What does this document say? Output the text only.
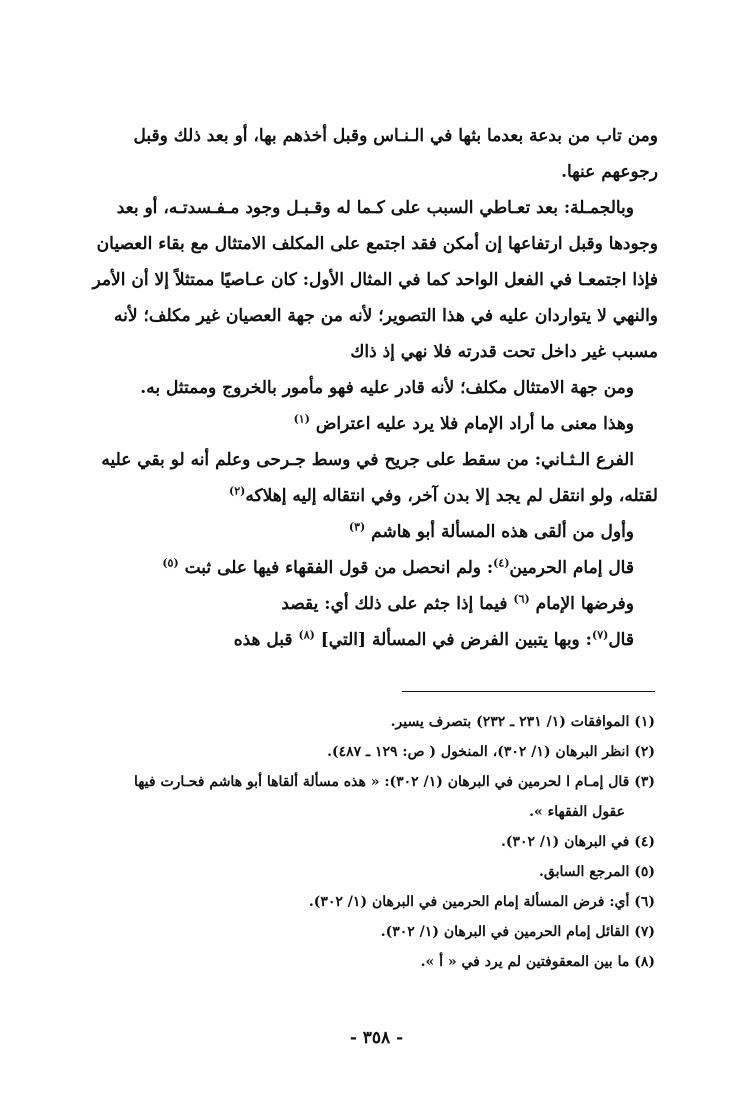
ومن تاب من بدعة بعدما بثها في الـنـاس وقبل أخذهم بها، أو بعد ذلك وقبل
رجوعهم عنها.
وبالجمـلة: بعد تعـاطي السبب على كـما له وقـبـل وجود مـفـسدتـه، أو بعد
وجودها وقبل ارتفاعها إن أمكن فقد اجتمع على المكلف الامتثال مع بقاء العصيان
فإذا اجتمعـا في الفعل الواحد كما في المثال الأول: كان عـاصيًا ممتثلاً إلا أن الأمر
والنهي لا يتواردان عليه في هذا التصوير؛ لأنه من جهة العصيان غير مكلف؛ لأنه
مسبب غير داخل تحت قدرته فلا نهي إذ ذاك
ومن جهة الامتثال مكلف؛ لأنه قادر عليه فهو مأمور بالخروج وممتثل به.
وهذا معنى ما أراد الإمام فلا يرد عليه اعتراض $^{(١)}$
الفرع الـثـاني: من سقط على جريح في وسط جـرحى وعلم أنه لو بقي عليه
لقتله، ولو انتقل لم يجد إلا بدن آخر، وفي انتقاله إليه إهلاكه$^{(٢)}$
وأول من ألقى هذه المسألة أبو هاشم $^{(٣)}$
قال إمام الحرمين$^{(٤)}$: ولم انحصل من قول الفقهاء فيها على ثبت $^{(٥)}$
وفرضها الإمام $^{(٦)}$ فيما إذا جثم على ذلك أي: يقصد
قال$^{(٧)}$: وبها يتبين الفرض في المسألة [التي] $^{(٨)}$ قبل هذه
(١) الموافقات (١/ ٢٣١ ـ ٢٣٢) بتصرف يسير.
(٢) انظر البرهان (١/ ٣٠٢)، المنخول ( ص: ١٢٩ ـ ٤٨٧).
(٣) قال إمـام ا لحرمين في البرهان (١/ ٣٠٢): « هذه مسألة ألقاها أبو هاشم فحـارت فيها
عقول الفقهاء ».
(٤) في البرهان (١/ ٣٠٢).
(٥) المرجع السابق.
(٦) أي: فرض المسألة إمام الحرمين في البرهان (١/ ٣٠٢).
(٧) القائل إمام الحرمين في البرهان (١/ ٣٠٢).
(٨) ما بين المعقوفتين لم يرد في « أ ».
- ٣٥٨ -
